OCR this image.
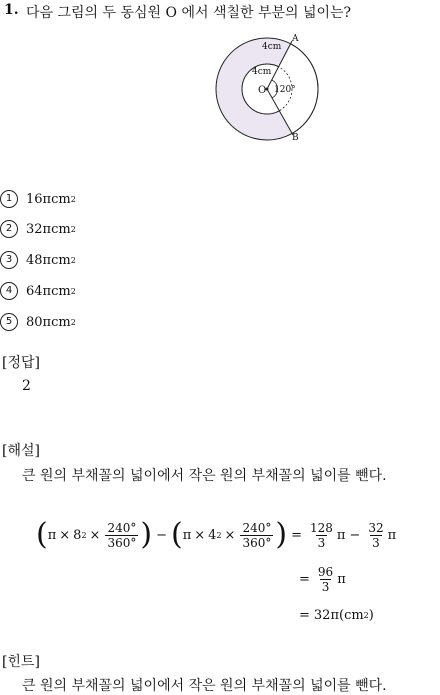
1. 다음 그림의 두 동심원 O 에서 색칠한 부분의 넓이는?
4cm
4cm
O 120°
A
B
1	16πcm 2
2	32πcm 2
3	48πcm 2
4	64πcm 2
5	80πcm 2
[정답]
2
[해설]
큰 원의 부채꼴의 넓이에서 작은 원의 부채꼴의 넓이를 뺀다.
( π × 8 $2 \times \frac{240^\circ}{360^\circ}$ ) − ( π × 4 $2 \times \frac{240^\circ}{360^\circ}$ ) = $\frac{128}{3}$ $\pi - \frac{32}{3}$ π
= $\frac{96}{3}$ π
= 32π(cm 2 )
[힌트]
큰 원의 부채꼴의 넓이에서 작은 원의 부채꼴의 넓이를 뺀다.
